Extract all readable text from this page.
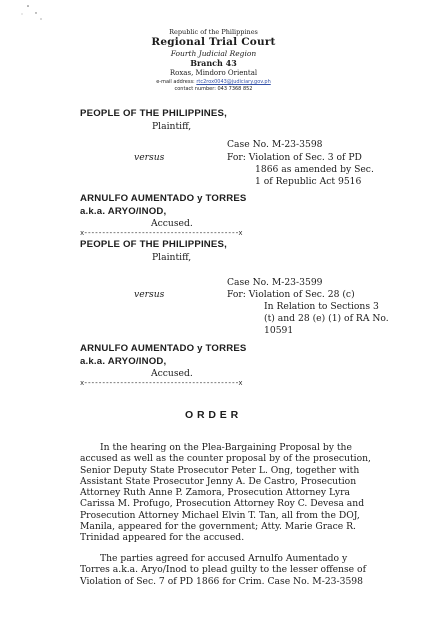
Republic of the Philippines
Regional Trial Court
Fourth Judicial Region
Branch 43
Roxas, Mindoro Oriental
e-mail address: rtc2rox0043@judiciary.gov.ph
contact number: 043 7368 852
PEOPLE OF THE PHILIPPINES,
Plaintiff,
Case No. M-23-3598
versus	For: Violation of Sec. 3 of PD
1866 as amended by Sec.
1 of Republic Act 9516
ARNULFO AUMENTADO y TORRES
a.k.a. ARYO/INOD,
Accused.
x-------------------------------------------x
PEOPLE OF THE PHILIPPINES,
Plaintiff,
Case No. M-23-3599
versus	For: Violation of Sec. 28 (c)
In Relation to Sections 3
(t) and 28 (e) (1) of RA No.
10591
ARNULFO AUMENTADO y TORRES
a.k.a. ARYO/INOD,
Accused.
x-------------------------------------------x
ORDER
In the hearing on the Plea-Bargaining Proposal by the
accused as well as the counter proposal by of the prosecution,
Senior Deputy State Prosecutor Peter L. Ong, together with
Assistant State Prosecutor Jenny A. De Castro, Prosecution
Attorney Ruth Anne P. Zamora, Prosecution Attorney Lyra
Carissa M. Profugo, Prosecution Attorney Roy C. Devesa and
Prosecution Attorney Michael Elvin T. Tan, all from the DOJ,
Manila, appeared for the government; Atty. Marie Grace R.
Trinidad appeared for the accused.
The parties agreed for accused Arnulfo Aumentado y
Torres a.k.a. Aryo/Inod to plead guilty to the lesser offense of
Violation of Sec. 7 of PD 1866 for Crim. Case No. M-23-3598
